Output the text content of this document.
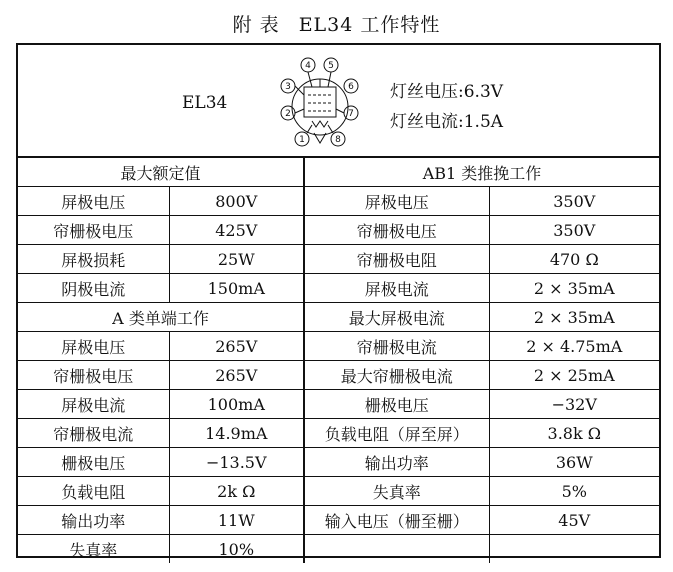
附 表 EL34 工作特性
EL34
1
2
3
4 5
6
7
8
灯丝电压:6.3V
灯丝电流:1.5A
最大额定值		AB1 类推挽工作	
屏极电压	800V	屏极电压	350V
帘栅极电压	425V	帘栅极电压	350V
屏极损耗	25W	帘栅极电阻	470 Ω
阴极电流	150mA	屏极电流	2 × 35mA
A 类单端工作		最大屏极电流	2 × 35mA
屏极电压	265V	帘栅极电流	2 × 4.75mA
帘栅极电压	265V	最大帘栅极电流	2 × 25mA
屏极电流	100mA	栅极电压	−32V
帘栅极电流	14.9mA	负载电阻（屏至屏）	3.8k Ω
栅极电压	−13.5V	输出功率	36W
负载电阻	2k Ω	失真率	5%
输出功率	11W	输入电压（栅至栅）	45V
失真率	10%		
